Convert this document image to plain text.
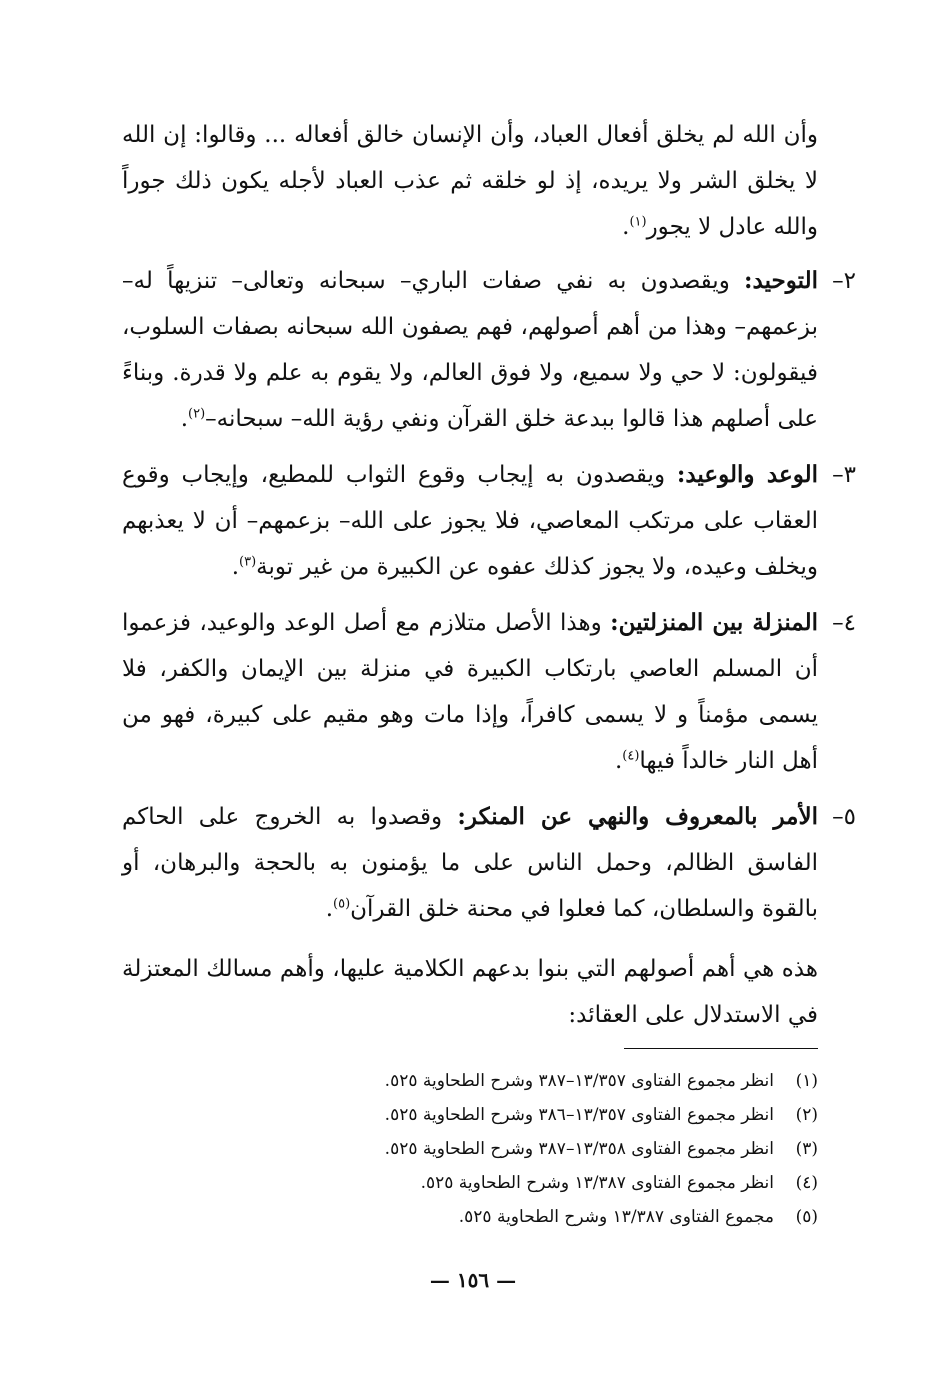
وأن الله لم يخلق أفعال العباد، وأن الإنسان خالق أفعاله ... وقالوا: إن الله لا يخلق الشر ولا يريده، إذ لو خلقه ثم عذب العباد لأجله يكون ذلك جوراً والله عادل لا يجور$^{(١)}$.

٢–
التوحيد: ويقصدون به نفي صفات الباري– سبحانه وتعالى– تنزيهاً له– بزعمهم– وهذا من أهم أصولهم، فهم يصفون الله سبحانه بصفات السلوب، فيقولون: لا حي ولا سميع، ولا فوق العالم، ولا يقوم به علم ولا قدرة. وبناءً على أصلهم هذا قالوا ببدعة خلق القرآن ونفي رؤية الله– سبحانه–$^{(٢)}$.
٣–
الوعد والوعيد: ويقصدون به إيجاب وقوع الثواب للمطيع، وإيجاب وقوع العقاب على مرتكب المعاصي، فلا يجوز على الله– بزعمهم– أن لا يعذبهم ويخلف وعيده، ولا يجوز كذلك عفوه عن الكبيرة من غير توبة$^{(٣)}$.
٤–
المنزلة بين المنزلتين: وهذا الأصل متلازم مع أصل الوعد والوعيد، فزعموا أن المسلم العاصي بارتكاب الكبيرة في منزلة بين الإيمان والكفر، فلا يسمى مؤمناً و لا يسمى كافراً، وإذا مات وهو مقيم على كبيرة، فهو من أهل النار خالداً فيها$^{(٤)}$.
٥–
الأمر بالمعروف والنهي عن المنكر: وقصدوا به الخروج على الحاكم الفاسق الظالم، وحمل الناس على ما يؤمنون به بالحجة والبرهان، أو بالقوة والسلطان، كما فعلوا في محنة خلق القرآن$^{(٥)}$.

هذه هي أهم أصولهم التي بنوا بدعهم الكلامية عليها، وأهم مسالك المعتزلة في الاستدلال على العقائد:

(١)
انظر مجموع الفتاوى ١٣/٣٥٧–٣٨٧ وشرح الطحاوية ٥٢٥.
(٢)
انظر مجموع الفتاوى ١٣/٣٥٧–٣٨٦ وشرح الطحاوية ٥٢٥.
(٣)
انظر مجموع الفتاوى ١٣/٣٥٨–٣٨٧ وشرح الطحاوية ٥٢٥.
(٤)
انظر مجموع الفتاوى ١٣/٣٨٧ وشرح الطحاوية ٥٢٥.
(٥)
مجموع الفتاوى ١٣/٣٨٧ وشرح الطحاوية ٥٢٥.
— ١٥٦ —
